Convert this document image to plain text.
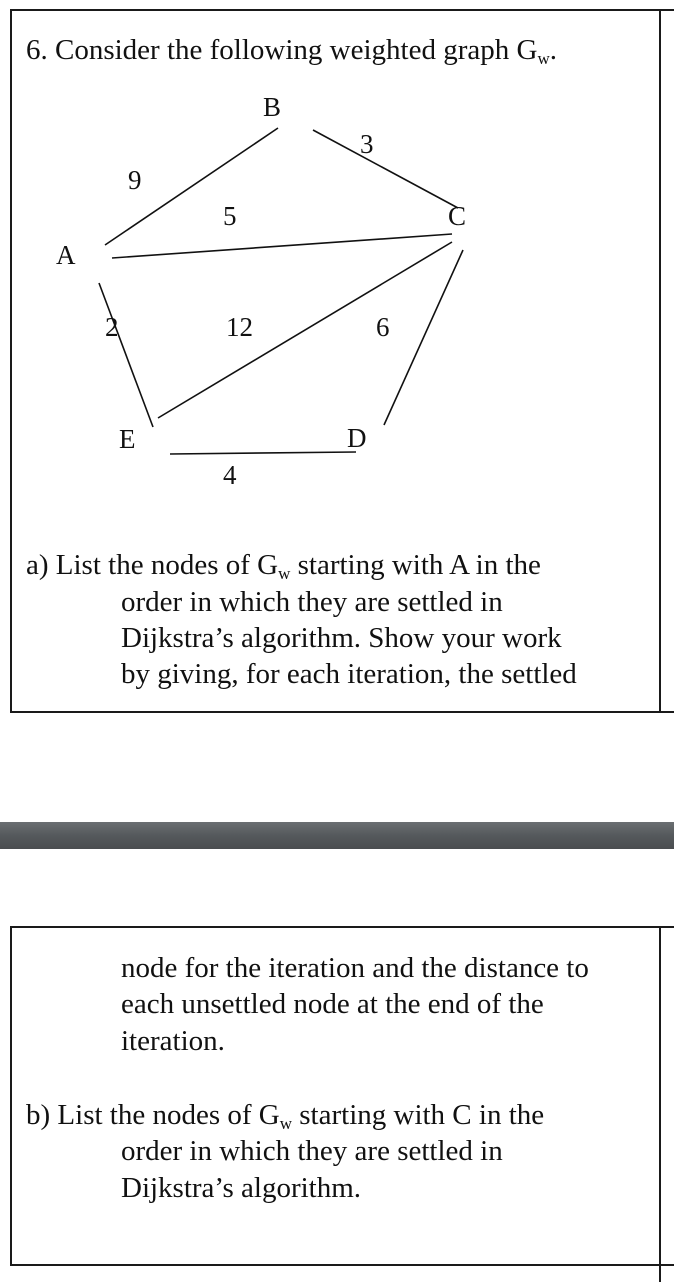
6. Consider the following weighted graph $G_w$.
A
B
C
D
E
9
3
5
2	12	6
4
a) List the nodes of $G_w$ starting with A in the
order in which they are settled in
Dijkstra’s algorithm. Show your work
by giving, for each iteration, the settled
node for the iteration and the distance to
each unsettled node at the end of the
iteration.
b) List the nodes of $G_w$ starting with C in the
order in which they are settled in
Dijkstra’s algorithm.
